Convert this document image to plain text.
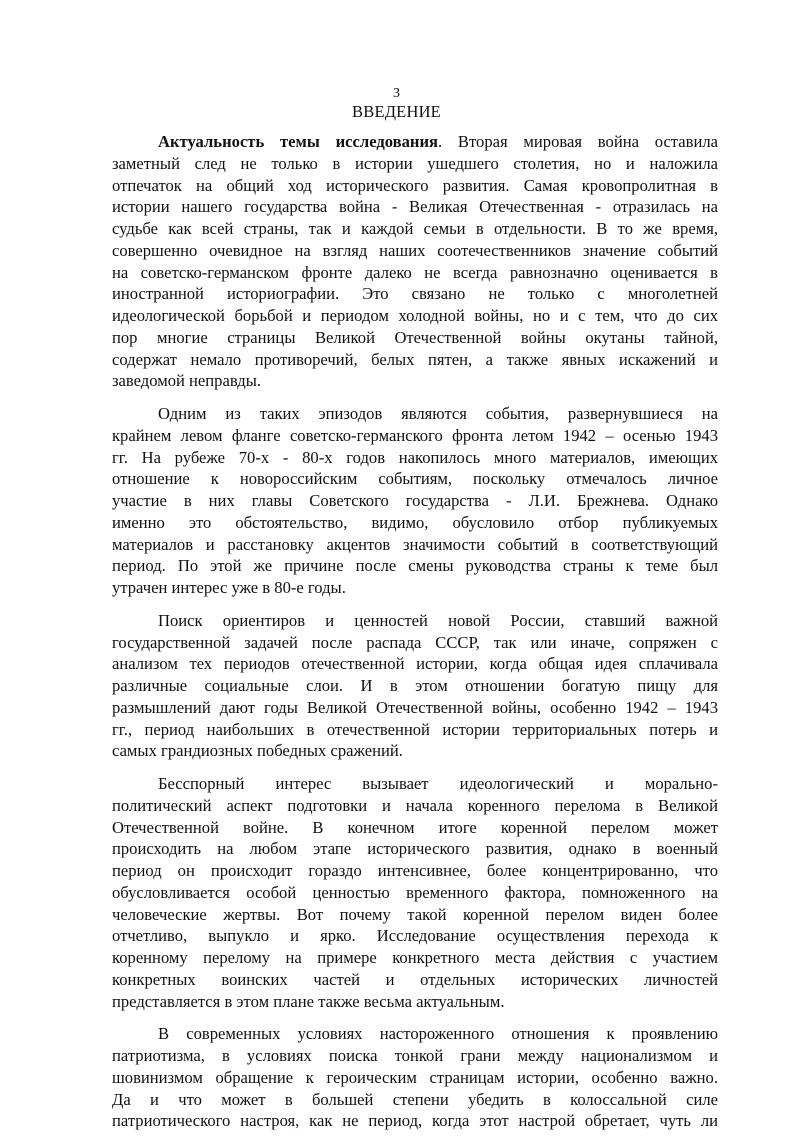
3
ВВЕДЕНИЕ
Актуальность темы исследования. Вторая мировая война оставила
заметный след не только в истории ушедшего столетия, но и наложила
отпечаток на общий ход исторического развития. Самая кровопролитная в
истории нашего государства война - Великая Отечественная - отразилась на
судьбе как всей страны, так и каждой семьи в отдельности. В то же время,
совершенно очевидное на взгляд наших соотечественников значение событий
на советско-германском фронте далеко не всегда равнозначно оценивается в
иностранной историографии. Это связано не только с многолетней
идеологической борьбой и периодом холодной войны, но и с тем, что до сих
пор многие страницы Великой Отечественной войны окутаны тайной,
содержат немало противоречий, белых пятен, а также явных искажений и
заведомой неправды.
Одним из таких эпизодов являются события, развернувшиеся на
крайнем левом фланге советско-германского фронта летом 1942 – осенью 1943
гг. На рубеже 70-х - 80-х годов накопилось много материалов, имеющих
отношение к новороссийским событиям, поскольку отмечалось личное
участие в них главы Советского государства - Л.И. Брежнева. Однако
именно это обстоятельство, видимо, обусловило отбор публикуемых
материалов и расстановку акцентов значимости событий в соответствующий
период. По этой же причине после смены руководства страны к теме был
утрачен интерес уже в 80-е годы.
Поиск ориентиров и ценностей новой России, ставший важной
государственной задачей после распада СССР, так или иначе, сопряжен с
анализом тех периодов отечественной истории, когда общая идея сплачивала
различные социальные слои. И в этом отношении богатую пищу для
размышлений дают годы Великой Отечественной войны, особенно 1942 – 1943
гг., период наибольших в отечественной истории территориальных потерь и
самых грандиозных победных сражений.
Бесспорный интерес вызывает идеологический и морально-
политический аспект подготовки и начала коренного перелома в Великой
Отечественной войне. В конечном итоге коренной перелом может
происходить на любом этапе исторического развития, однако в военный
период он происходит гораздо интенсивнее, более концентрированно, что
обусловливается особой ценностью временного фактора, помноженного на
человеческие жертвы. Вот почему такой коренной перелом виден более
отчетливо, выпукло и ярко. Исследование осуществления перехода к
коренному перелому на примере конкретного места действия с участием
конкретных воинских частей и отдельных исторических личностей
представляется в этом плане также весьма актуальным.
В современных условиях настороженного отношения к проявлению
патриотизма, в условиях поиска тонкой грани между национализмом и
шовинизмом обращение к героическим страницам истории, особенно важно.
Да и что может в большей степени убедить в колоссальной силе
патриотического настроя, как не период, когда этот настрой обретает, чуть ли
